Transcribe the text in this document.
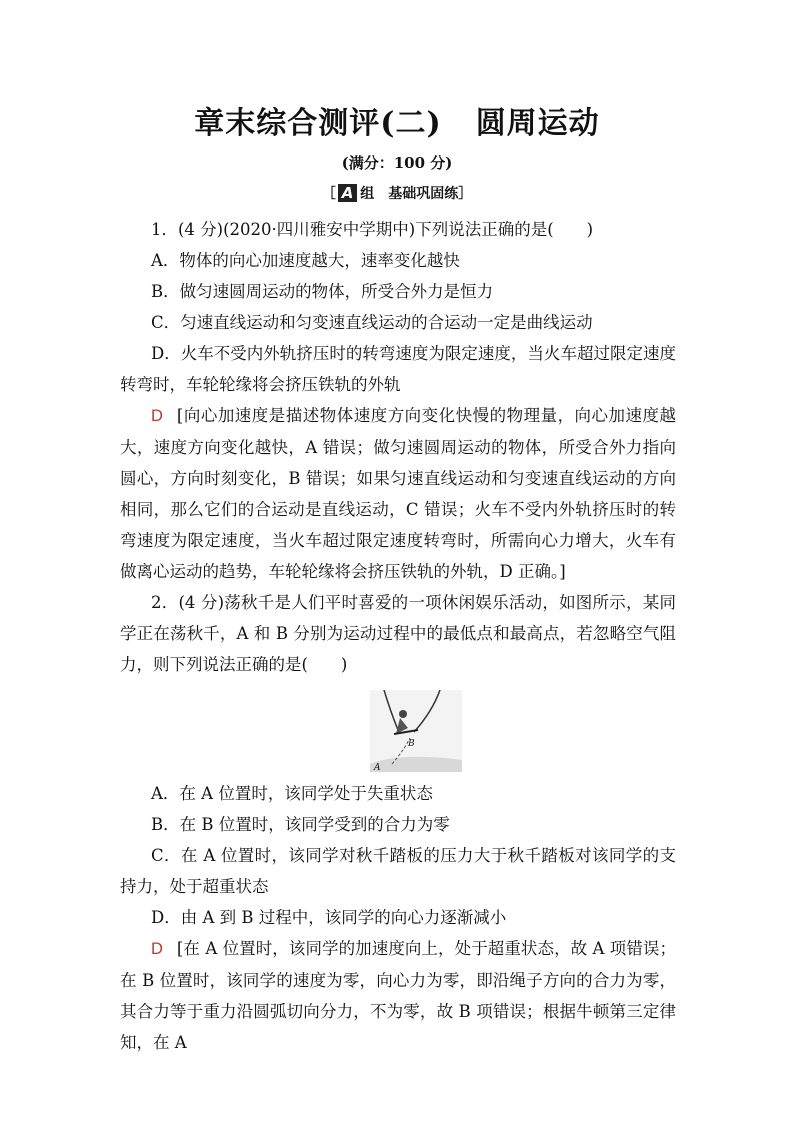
章末综合测评(二) 圆周运动
(满分：100 分)
［ A 组　基础巩固练］

1．(4 分)(2020·四川雅安中学期中)下列说法正确的是(　　)

A．物体的向心加速度越大，速率变化越快

B．做匀速圆周运动的物体，所受合外力是恒力

C．匀速直线运动和匀变速直线运动的合运动一定是曲线运动

D．火车不受内外轨挤压时的转弯速度为限定速度，当火车超过限定速度转弯时，车轮轮缘将会挤压铁轨的外轨

D [向心加速度是描述物体速度方向变化快慢的物理量，向心加速度越大，速度方向变化越快，A 错误；做匀速圆周运动的物体，所受合外力指向圆心，方向时刻变化，B 错误；如果匀速直线运动和匀变速直线运动的方向相同，那么它们的合运动是直线运动，C 错误；火车不受内外轨挤压时的转弯速度为限定速度，当火车超过限定速度转弯时，所需向心力增大，火车有做离心运动的趋势，车轮轮缘将会挤压铁轨的外轨，D 正确。]

2．(4 分)荡秋千是人们平时喜爱的一项休闲娱乐活动，如图所示，某同学正在荡秋千，A 和 B 分别为运动过程中的最低点和最高点，若忽略空气阻力，则下列说法正确的是(　　)

B
A

A．在 A 位置时，该同学处于失重状态

B．在 B 位置时，该同学受到的合力为零

C．在 A 位置时，该同学对秋千踏板的压力大于秋千踏板对该同学的支持力，处于超重状态

D．由 A 到 B 过程中，该同学的向心力逐渐减小

D [在 A 位置时，该同学的加速度向上，处于超重状态，故 A 项错误；在 B 位置时，该同学的速度为零，向心力为零，即沿绳子方向的合力为零，其合力等于重力沿圆弧切向分力，不为零，故 B 项错误；根据牛顿第三定律知，在 A
